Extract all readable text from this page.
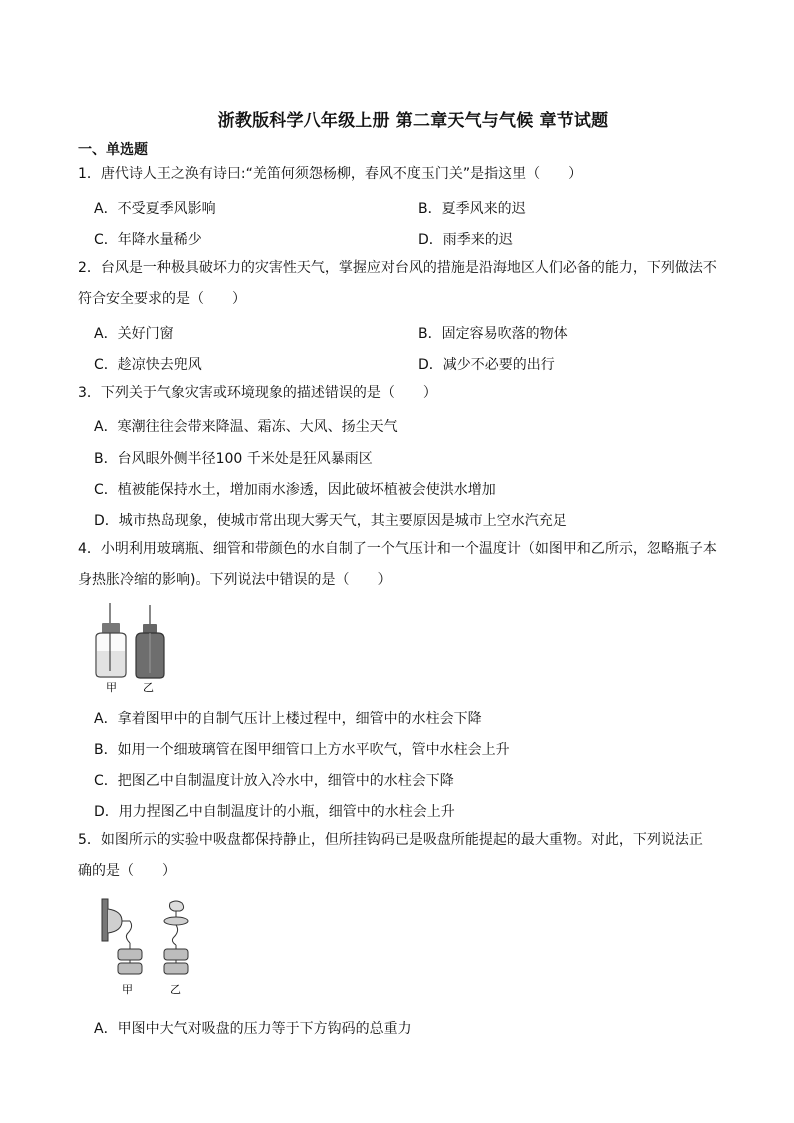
浙教版科学八年级上册 第二章天气与气候 章节试题
一、单选题
1．唐代诗人王之涣有诗曰:“羌笛何须怨杨柳，春风不度玉门关”是指这里（　　）
A．不受夏季风影响	B．夏季风来的迟
C．年降水量稀少	D．雨季来的迟
2．台风是一种极具破坏力的灾害性天气，掌握应对台风的措施是沿海地区人们必备的能力，下列做法不
符合安全要求的是（　　）
A．关好门窗	B．固定容易吹落的物体
C．趁凉快去兜风	D．减少不必要的出行
3．下列关于气象灾害或环境现象的描述错误的是（　　）
A．寒潮往往会带来降温、霜冻、大风、扬尘天气
B．台风眼外侧半径100 千米处是狂风暴雨区
C．植被能保持水土，增加雨水渗透，因此破坏植被会使洪水增加
D．城市热岛现象，使城市常出现大雾天气，其主要原因是城市上空水汽充足
4．小明利用玻璃瓶、细管和带颜色的水自制了一个气压计和一个温度计（如图甲和乙所示，忽略瓶子本
身热胀冷缩的影响)。下列说法中错误的是（　　）
甲 乙
A．拿着图甲中的自制气压计上楼过程中，细管中的水柱会下降
B．如用一个细玻璃管在图甲细管口上方水平吹气，管中水柱会上升
C．把图乙中自制温度计放入冷水中，细管中的水柱会下降
D．用力捏图乙中自制温度计的小瓶，细管中的水柱会上升
5．如图所示的实验中吸盘都保持静止，但所挂钩码已是吸盘所能提起的最大重物。对此，下列说法正
确的是（　　）
甲	乙
A．甲图中大气对吸盘的压力等于下方钩码的总重力
